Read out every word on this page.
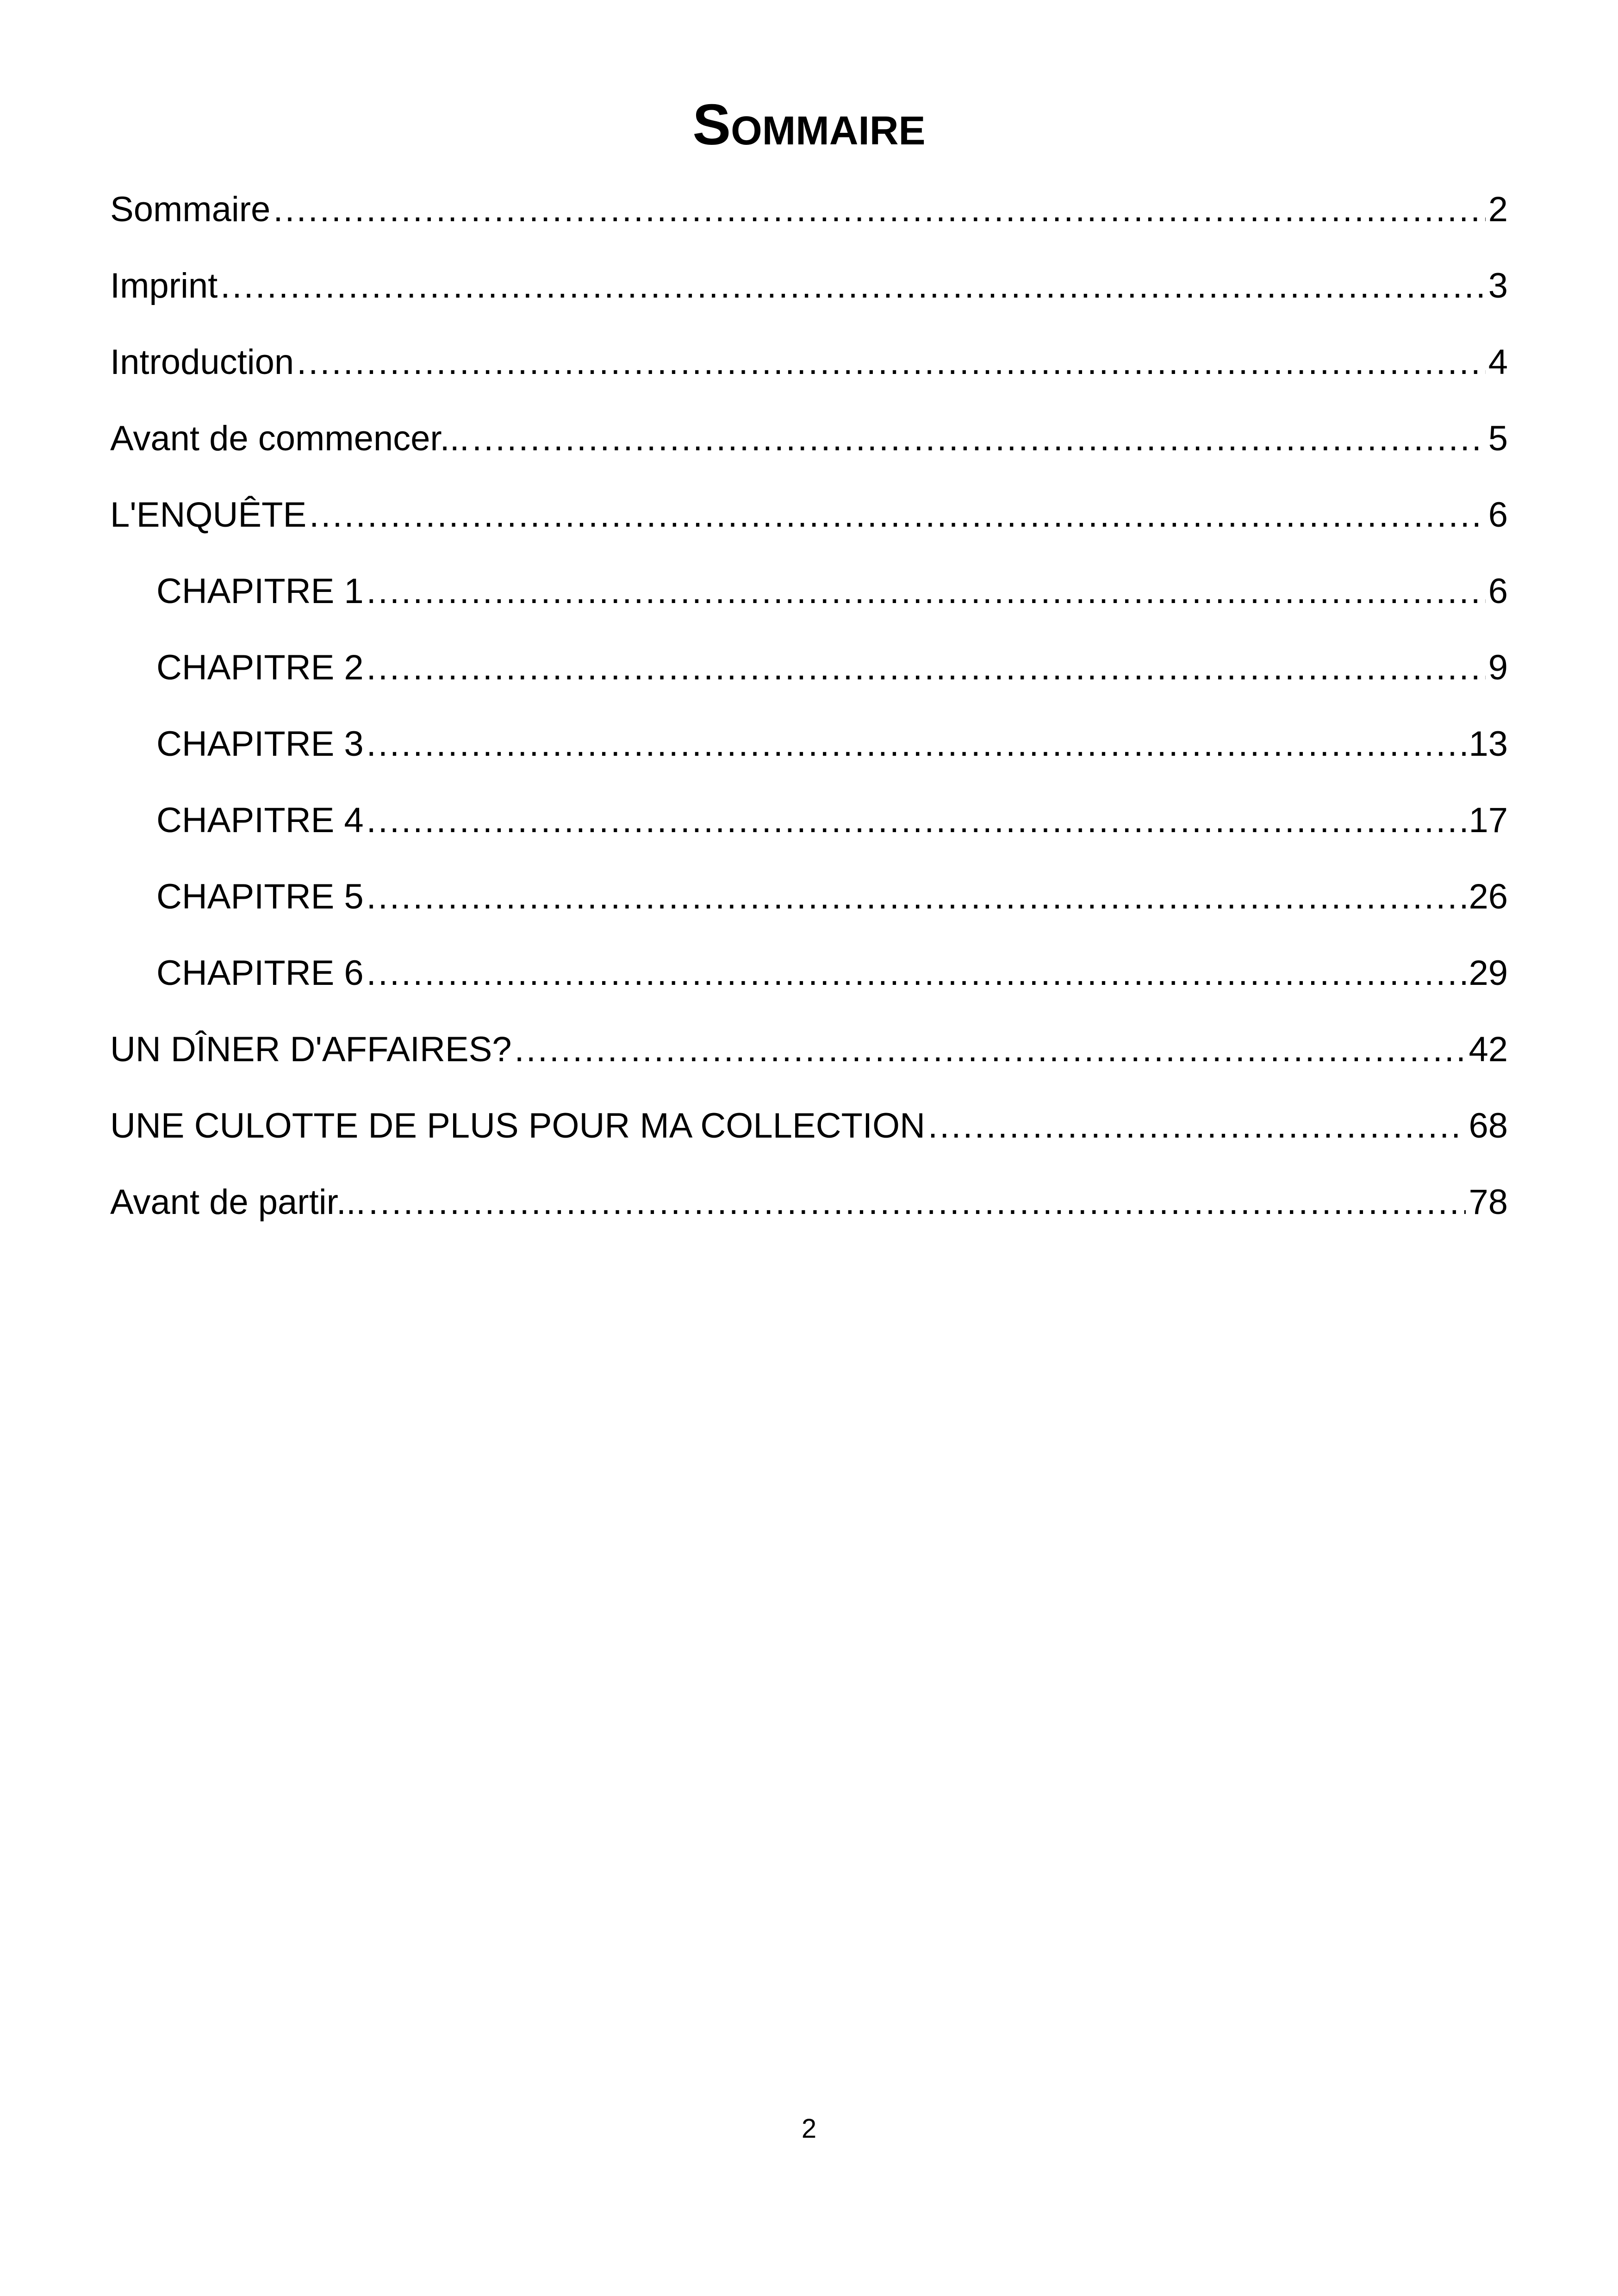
Sommaire
Sommaire .....	2
Imprint .....	3
Introduction .....	4
Avant de commencer... .....	5
L'ENQUÊTE .....	6
CHAPITRE 1 .....	6
CHAPITRE 2 .....	9
CHAPITRE 3 .....	13
CHAPITRE 4 .....	17
CHAPITRE 5 .....	26
CHAPITRE 6 .....	29
UN DÎNER D'AFFAIRES? .....	42
UNE CULOTTE DE PLUS POUR MA COLLECTION .....	68
Avant de partir... .....	78
2
